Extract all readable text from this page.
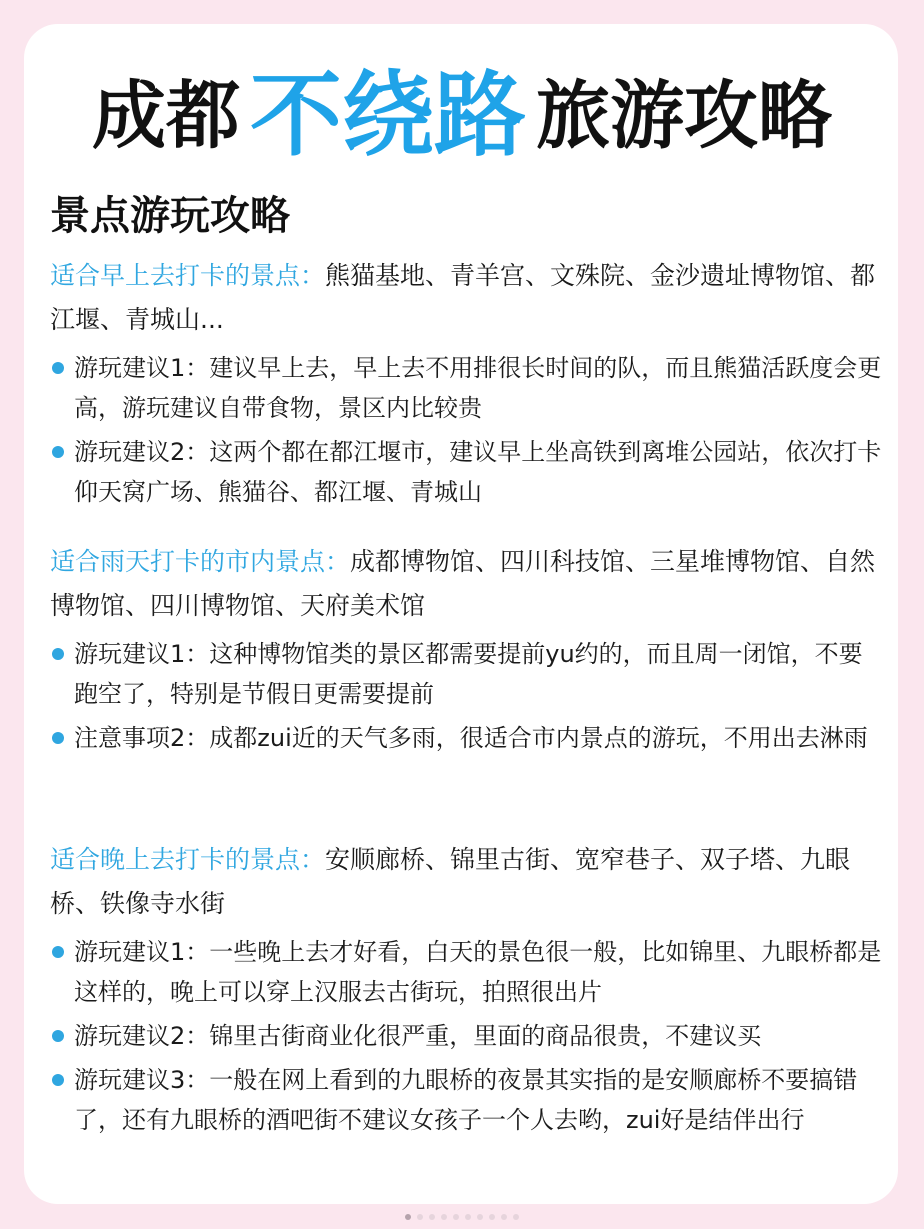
成都 不绕路 旅游攻略
景点游玩攻略

适合早上去打卡的景点：熊猫基地、青羊宫、文殊院、金沙遗址博物馆、都江堰、青城山...

游玩建议1：建议早上去，早上去不用排很长时间的队，而且熊猫活跃度会更高，游玩建议自带食物，景区内比较贵
游玩建议2：这两个都在都江堰市，建议早上坐高铁到离堆公园站，依次打卡仰天窝广场、熊猫谷、都江堰、青城山

适合雨天打卡的市内景点：成都博物馆、四川科技馆、三星堆博物馆、自然博物馆、四川博物馆、天府美术馆

游玩建议1：这种博物馆类的景区都需要提前yu约的，而且周一闭馆，不要跑空了，特别是节假日更需要提前
注意事项2：成都zui近的天气多雨，很适合市内景点的游玩，不用出去淋雨

适合晚上去打卡的景点：安顺廊桥、锦里古街、宽窄巷子、双子塔、九眼桥、铁像寺水街

游玩建议1：一些晚上去才好看，白天的景色很一般，比如锦里、九眼桥都是这样的，晚上可以穿上汉服去古街玩，拍照很出片
游玩建议2：锦里古街商业化很严重，里面的商品很贵，不建议买
游玩建议3：一般在网上看到的九眼桥的夜景其实指的是安顺廊桥不要搞错了，还有九眼桥的酒吧街不建议女孩子一个人去哟，zui好是结伴出行
